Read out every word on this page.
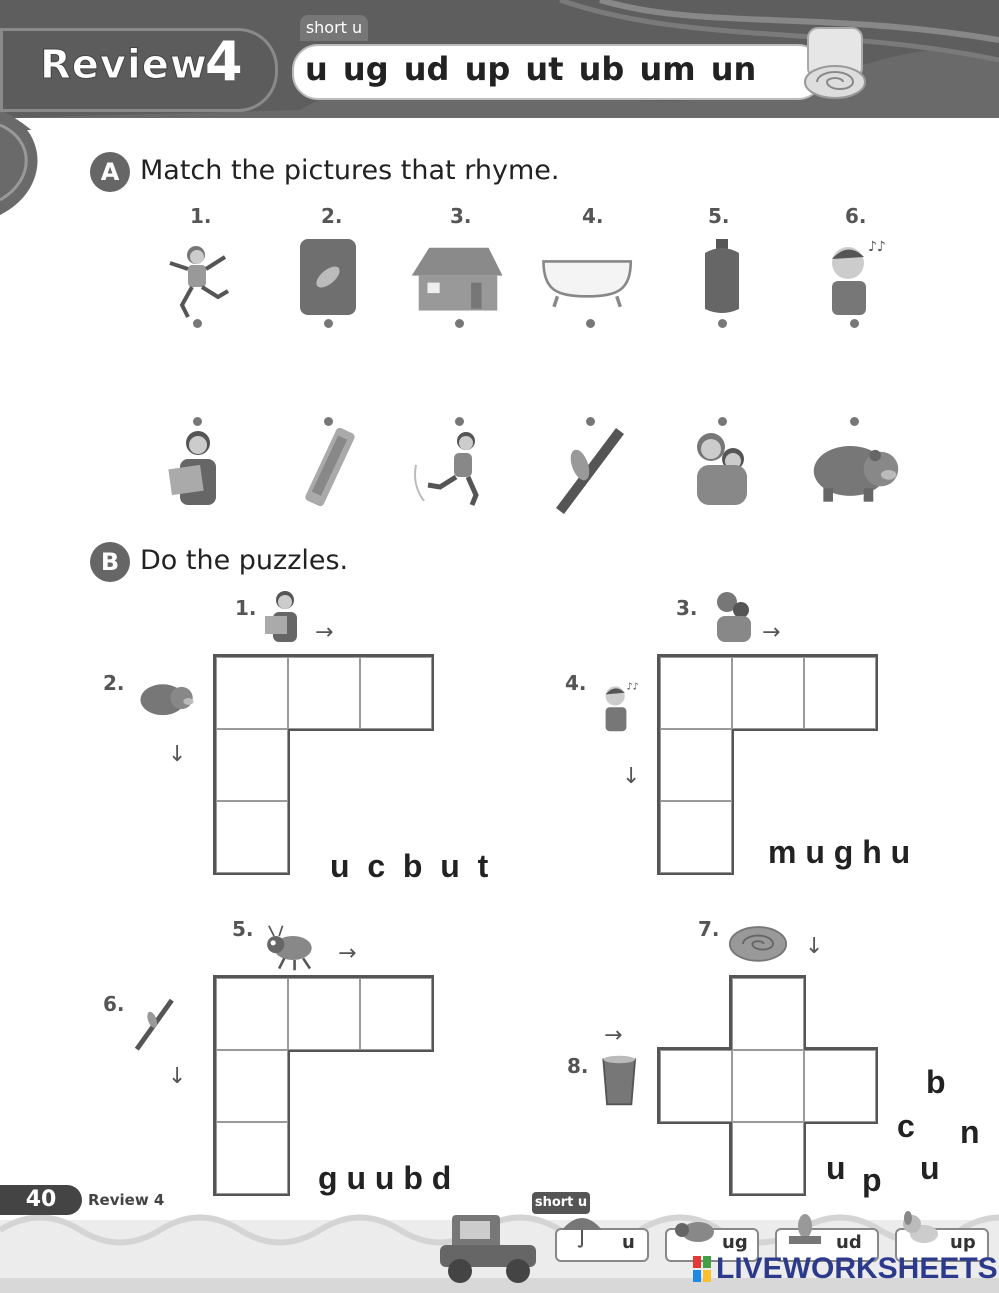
Review
4
short u
u ug ud up ut ub um un
A Match the pictures that rhyme.
1.	2.	3.	4.	5.	6.
♪♪
B Do the puzzles.
1.
→
2.
↓
u  c  b  u  t
3.
→
4.	♪♪
↓
m u g h u
5.
→
6.
↓
g u u b d
7.
↓
8.
→
b
c n
u p u
40	Review 4	short u
u	ug	ud	up
LIVEWORKSHEETS
